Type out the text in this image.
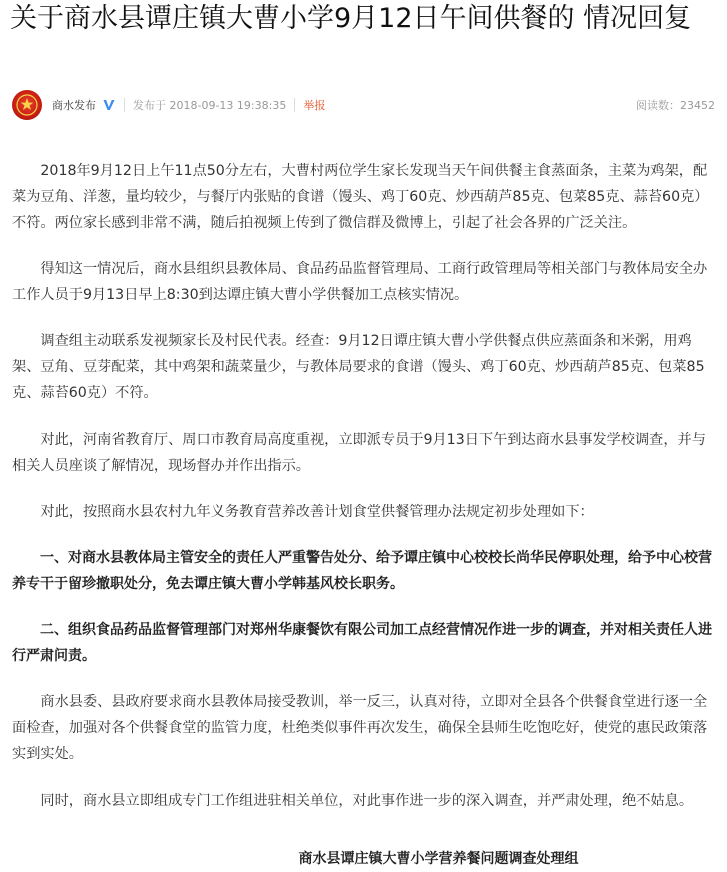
关于商水县谭庄镇大曹小学9月12日午间供餐的 情况回复
商水发布	发布于 2018-09-13 19:38:35 举报	阅读数：23452

2018年9月12日上午11点50分左右，大曹村两位学生家长发现当天午间供餐主食蒸面条，主菜为鸡架，配菜为豆角、洋葱，量均较少，与餐厅内张贴的食谱（馒头、鸡丁60克、炒西葫芦85克、包菜85克、蒜苔60克）不符。两位家长感到非常不满，随后拍视频上传到了微信群及微博上，引起了社会各界的广泛关注。

得知这一情况后，商水县组织县教体局、食品药品监督管理局、工商行政管理局等相关部门与教体局安全办工作人员于9月13日早上8:30到达谭庄镇大曹小学供餐加工点核实情况。

调查组主动联系发视频家长及村民代表。经查：9月12日谭庄镇大曹小学供餐点供应蒸面条和米粥，用鸡架、豆角、豆芽配菜，其中鸡架和蔬菜量少，与教体局要求的食谱（馒头、鸡丁60克、炒西葫芦85克、包菜85克、蒜苔60克）不符。

对此，河南省教育厅、周口市教育局高度重视，立即派专员于9月13日下午到达商水县事发学校调查，并与相关人员座谈了解情况，现场督办并作出指示。

对此，按照商水县农村九年义务教育营养改善计划食堂供餐管理办法规定初步处理如下：

一、对商水县教体局主管安全的责任人严重警告处分、给予谭庄镇中心校校长尚华民停职处理，给予中心校营养专干于留珍撤职处分，免去谭庄镇大曹小学韩基风校长职务。

二、组织食品药品监督管理部门对郑州华康餐饮有限公司加工点经营情况作进一步的调查，并对相关责任人进行严肃问责。

商水县委、县政府要求商水县教体局接受教训，举一反三，认真对待，立即对全县各个供餐食堂进行逐一全面检查，加强对各个供餐食堂的监管力度，杜绝类似事件再次发生，确保全县师生吃饱吃好，使党的惠民政策落实到实处。

同时，商水县立即组成专门工作组进驻相关单位，对此事作进一步的深入调查，并严肃处理，绝不姑息。

商水县谭庄镇大曹小学营养餐问题调查处理组
